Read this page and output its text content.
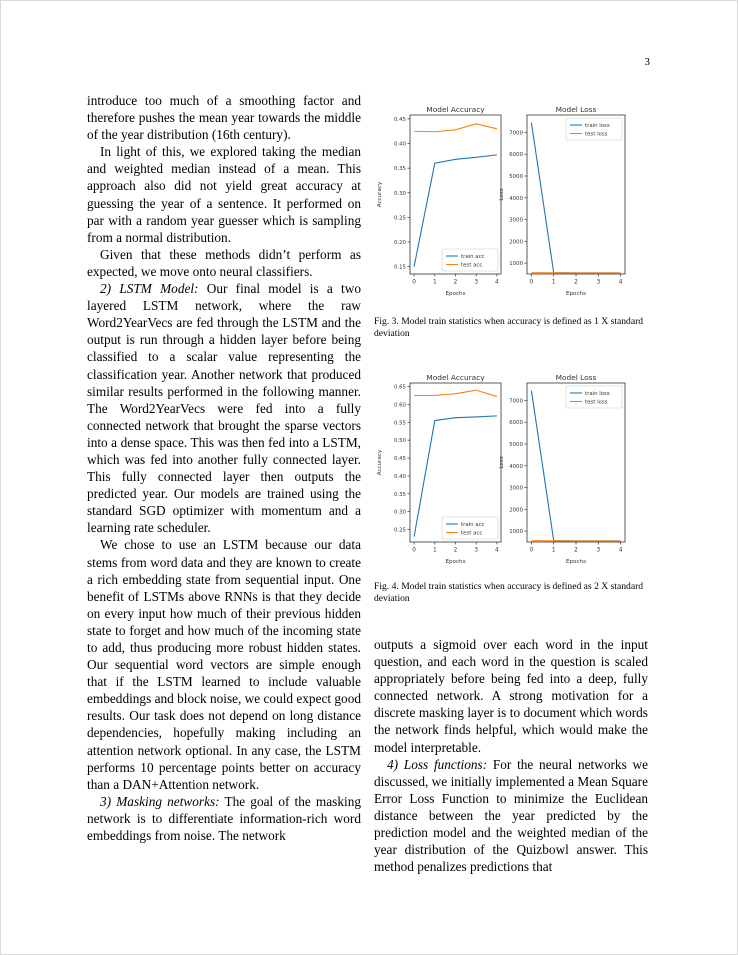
3

introduce too much of a smoothing factor and therefore pushes the mean year towards the middle of the year distribution (16th century).

In light of this, we explored taking the median and weighted median instead of a mean. This approach also did not yield great accuracy at guessing the year of a sentence. It performed on par with a random year guesser which is sampling from a normal distribution.

Given that these methods didn’t perform as expected, we move onto neural classifiers.

2) LSTM Model: Our final model is a two layered LSTM network, where the raw Word2YearVecs are fed through the LSTM and the output is run through a hidden layer before being classified to a scalar value representing the classification year. Another network that produced similar results performed in the following manner. The Word2YearVecs were fed into a fully connected network that brought the sparse vectors into a dense space. This was then fed into a LSTM, which was fed into another fully connected layer. This fully connected layer then outputs the predicted year. Our models are trained using the standard SGD optimizer with momentum and a learning rate scheduler.

We chose to use an LSTM because our data stems from word data and they are known to create a rich embedding state from sequential input. One benefit of LSTMs above RNNs is that they decide on every input how much of their previous hidden state to forget and how much of the incoming state to add, thus producing more robust hidden states. Our sequential word vectors are simple enough that if the LSTM learned to include valuable embeddings and block noise, we could expect good results. Our task does not depend on long distance dependencies, hopefully making including an attention network optional. In any case, the LSTM performs 10 percentage points better on accuracy than a DAN+Attention network.

3) Masking networks: The goal of the masking network is to differentiate information-rich word embeddings from noise. The network

Model Accuracy
Epochs
Accuracy
0	1	2	3	4
0.15
0.20
0.25
0.30
0.35
0.40
0.45
train acc
test acc
Model Loss
Epochs
Loss
0	1	2	3	4
1000
2000
3000
4000
5000
6000
7000
train loss
test loss
Fig. 3. Model train statistics when accuracy is defined as 1 X standard deviation
Model Accuracy
Epochs
Accuracy
0	1	2	3	4
0.25
0.30
0.35
0.40
0.45
0.50
0.55
0.60
0.65
train acc
test acc
Model Loss
Epochs
Loss
0	1	2	3	4
1000
2000
3000
4000
5000
6000
7000
train loss
test loss
Fig. 4. Model train statistics when accuracy is defined as 2 X standard deviation

outputs a sigmoid over each word in the input question, and each word in the question is scaled appropriately before being fed into a deep, fully connected network. A strong motivation for a discrete masking layer is to document which words the network finds helpful, which would make the model interpretable.

4) Loss functions: For the neural networks we discussed, we initially implemented a Mean Square Error Loss Function to minimize the Euclidean distance between the year predicted by the prediction model and the weighted median of the year distribution of the Quizbowl answer. This method penalizes predictions that
